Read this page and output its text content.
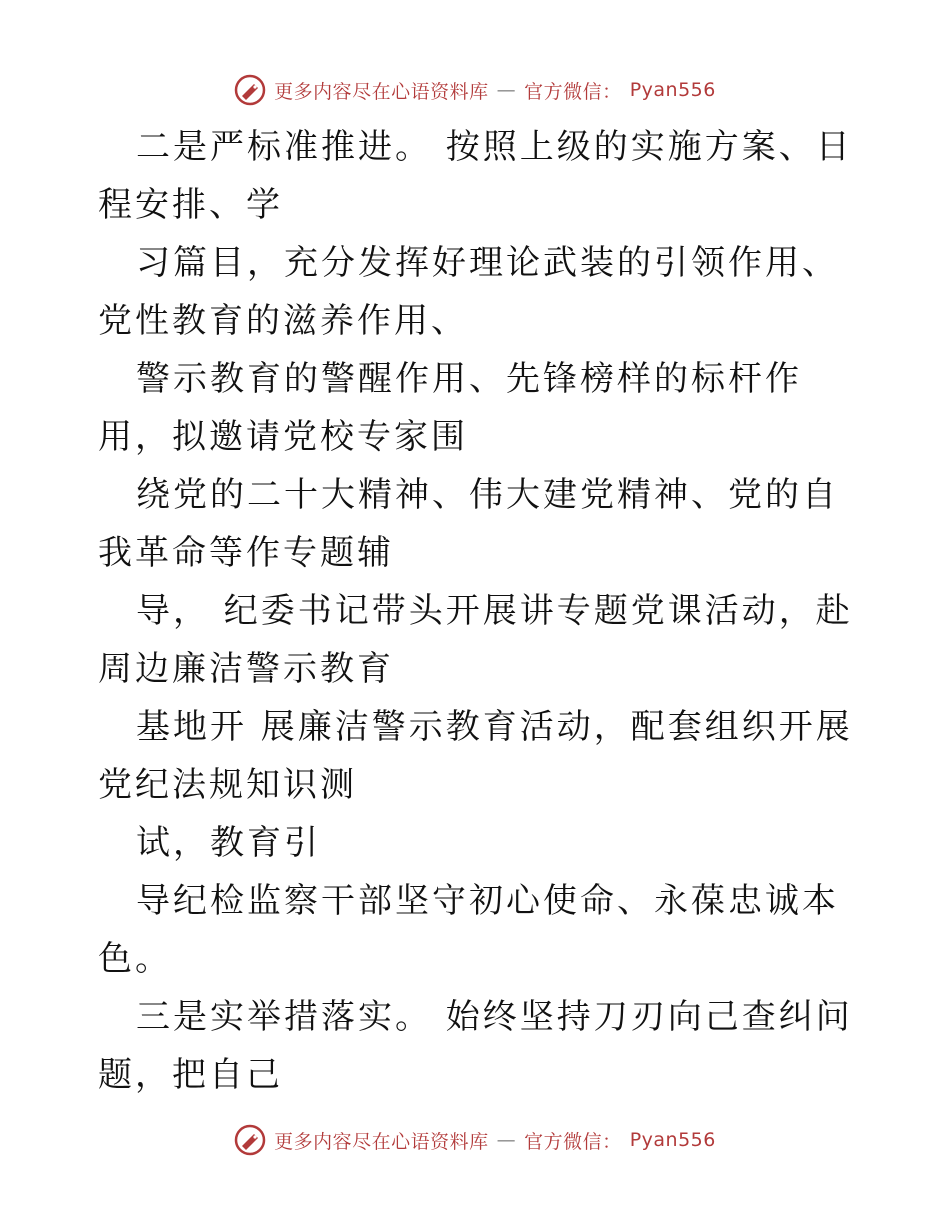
更多内容尽在心语资料库 — 官方微信： Pyan556

二是严标准推进。 按照上级的实施方案、日程安排、学

习篇目，充分发挥好理论武装的引领作用、党性教育的滋养作用、

警示教育的警醒作用、先锋榜样的标杆作用，拟邀请党校专家围

绕党的二十大精神、伟大建党精神、党的自我革命等作专题辅

导， 纪委书记带头开展讲专题党课活动，赴周边廉洁警示教育

基地开 展廉洁警示教育活动，配套组织开展党纪法规知识测

试，教育引

导纪检监察干部坚守初心使命、永葆忠诚本色。

三是实举措落实。 始终坚持刀刃向己查纠问题，把自己

更多内容尽在心语资料库 — 官方微信： Pyan556
